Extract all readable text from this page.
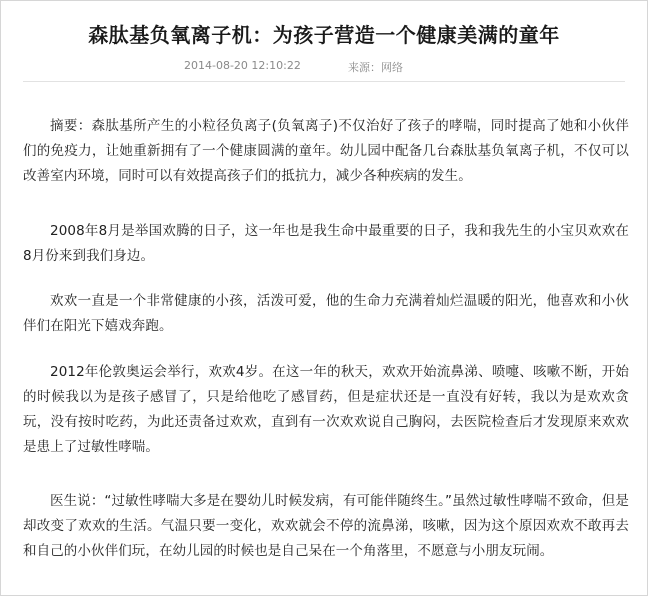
森肽基负氧离子机：为孩子营造一个健康美满的童年
2014-08-20 12:10:22	来源：网络

摘要：森肽基所产生的小粒径负离子(负氧离子)不仅治好了孩子的哮喘，同时提高了她和小伙伴们的免疫力，让她重新拥有了一个健康圆满的童年。幼儿园中配备几台森肽基负氧离子机，不仅可以改善室内环境，同时可以有效提高孩子们的抵抗力，减少各种疾病的发生。

2008年8月是举国欢腾的日子，这一年也是我生命中最重要的日子，我和我先生的小宝贝欢欢在8月份来到我们身边。

欢欢一直是一个非常健康的小孩，活泼可爱，他的生命力充满着灿烂温暖的阳光，他喜欢和小伙伴们在阳光下嬉戏奔跑。

2012年伦敦奥运会举行，欢欢4岁。在这一年的秋天，欢欢开始流鼻涕、喷嚏、咳嗽不断，开始的时候我以为是孩子感冒了，只是给他吃了感冒药，但是症状还是一直没有好转，我以为是欢欢贪玩，没有按时吃药，为此还责备过欢欢，直到有一次欢欢说自己胸闷，去医院检查后才发现原来欢欢是患上了过敏性哮喘。

医生说：“过敏性哮喘大多是在婴幼儿时候发病，有可能伴随终生。”虽然过敏性哮喘不致命，但是却改变了欢欢的生活。气温只要一变化，欢欢就会不停的流鼻涕，咳嗽，因为这个原因欢欢不敢再去和自己的小伙伴们玩，在幼儿园的时候也是自己呆在一个角落里，不愿意与小朋友玩闹。
